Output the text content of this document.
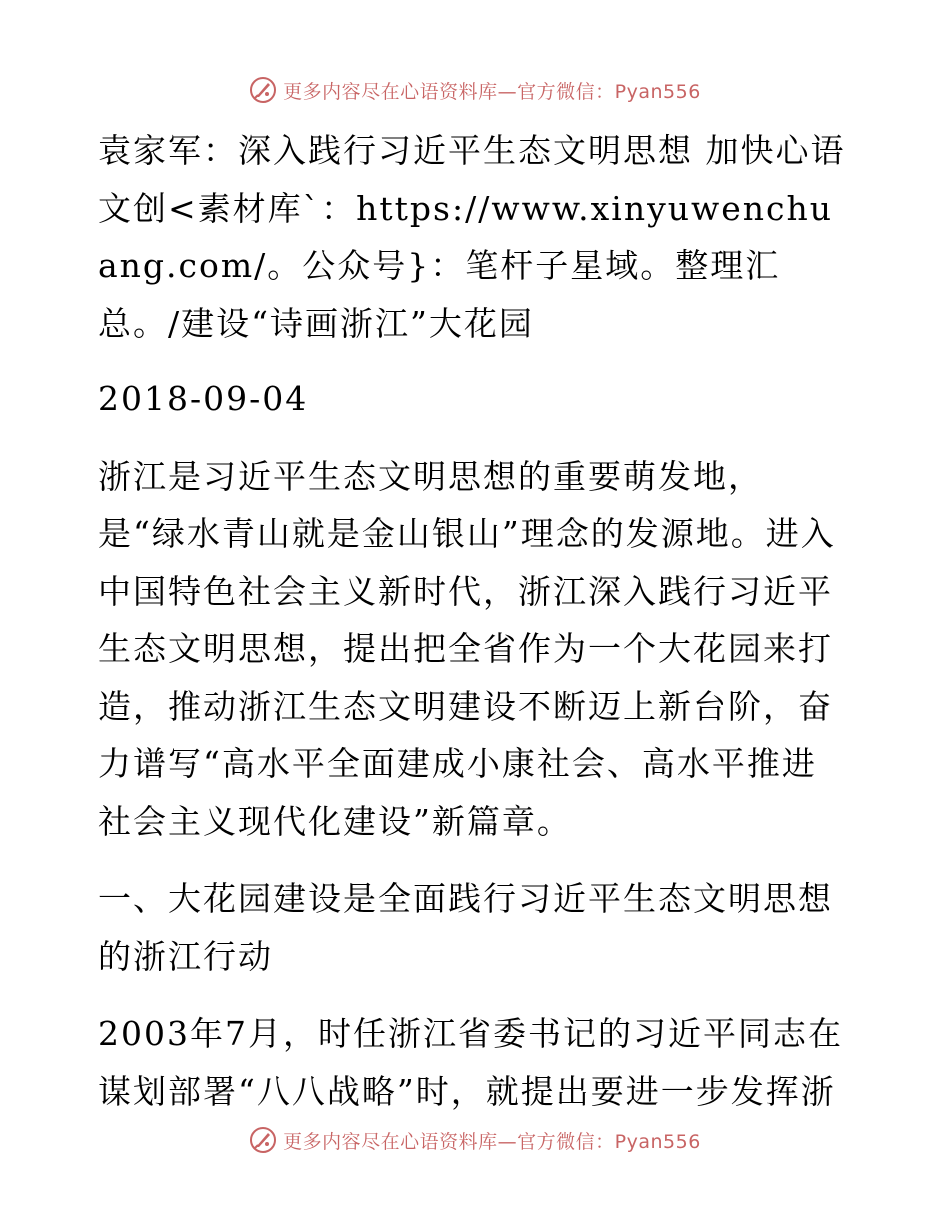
更多内容尽在心语资料库—官方微信：Pyan556

袁家军：深入践行习近平生态文明思想 加快心语文创<素材库`：https://www.xinyuwenchuang.com/。公众号}：笔杆子星域。整理汇总。/建设“诗画浙江”大花园

2018-09-04

浙江是习近平生态文明思想的重要萌发地，是“绿水青山就是金山银山”理念的发源地。进入中国特色社会主义新时代，浙江深入践行习近平生态文明思想，提出把全省作为一个大花园来打造，推动浙江生态文明建设不断迈上新台阶，奋力谱写“高水平全面建成小康社会、高水平推进社会主义现代化建设”新篇章。

一、大花园建设是全面践行习近平生态文明思想的浙江行动

2003年7月，时任浙江省委书记的习近平同志在谋划部署“八八战略”时，就提出要进一步发挥浙

更多内容尽在心语资料库—官方微信：Pyan556
